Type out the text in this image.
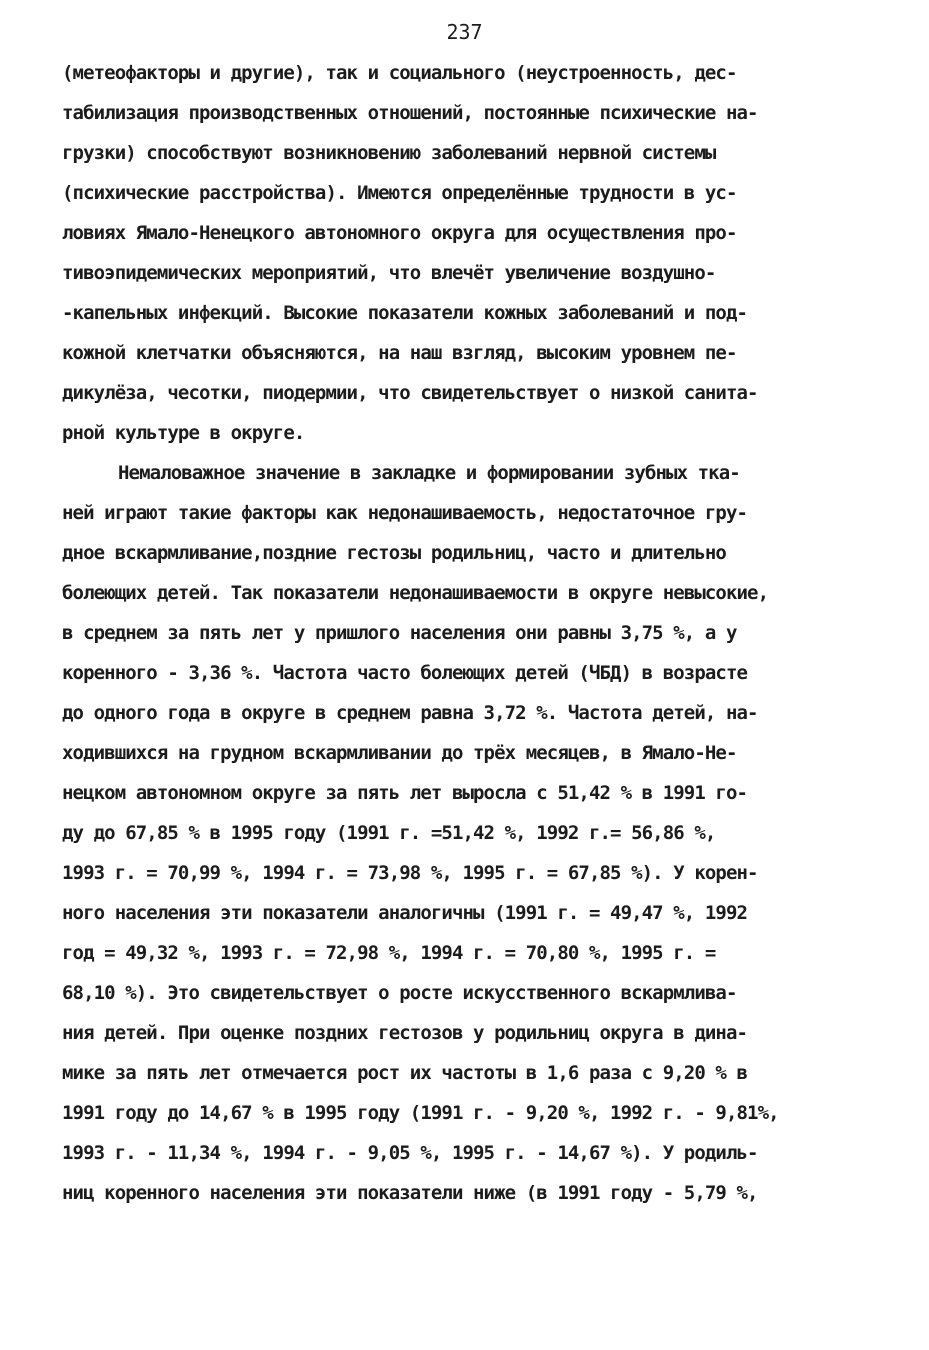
237
(метеофакторы и другие), так и социального (неустроенность, дес-
табилизация производственных отношений, постоянные психические на-
грузки) способствуют возникновению заболеваний нервной системы
(психические расстройства). Имеются определённые трудности в ус-
ловиях Ямало-Ненецкого автономного округа для осуществления про-
тивоэпидемических мероприятий, что влечёт увеличение воздушно-
-капельных инфекций. Высокие показатели кожных заболеваний и под-
кожной клетчатки объясняются, на наш взгляд, высоким уровнем пе-
дикулёза, чесотки, пиодермии, что свидетельствует о низкой санита-
рной культуре в округе.
Немаловажное значение в закладке и формировании зубных тка-
ней играют такие факторы как недонашиваемость, недостаточное гру-
дное вскармливание,поздние гестозы родильниц, часто и длительно
болеющих детей. Так показатели недонашиваемости в округе невысокие,
в среднем за пять лет у пришлого населения они равны 3,75 %, а у
коренного - 3,36 %. Частота часто болеющих детей (ЧБД) в возрасте
до одного года в округе в среднем равна 3,72 %. Частота детей, на-
ходившихся на грудном вскармливании до трёх месяцев, в Ямало-Не-
нецком автономном округе за пять лет выросла с 51,42 % в 1991 го-
ду до 67,85 % в 1995 году (1991 г. =51,42 %, 1992 г.= 56,86 %,
1993 г. = 70,99 %, 1994 г. = 73,98 %, 1995 г. = 67,85 %). У корен-
ного населения эти показатели аналогичны (1991 г. = 49,47 %, 1992
год = 49,32 %, 1993 г. = 72,98 %, 1994 г. = 70,80 %, 1995 г. =
68,10 %). Это свидетельствует о росте искусственного вскармлива-
ния детей. При оценке поздних гестозов у родильниц округа в дина-
мике за пять лет отмечается рост их частоты в 1,6 раза с 9,20 % в
1991 году до 14,67 % в 1995 году (1991 г. - 9,20 %, 1992 г. - 9,81%,
1993 г. - 11,34 %, 1994 г. - 9,05 %, 1995 г. - 14,67 %). У родиль-
ниц коренного населения эти показатели ниже (в 1991 году - 5,79 %,
